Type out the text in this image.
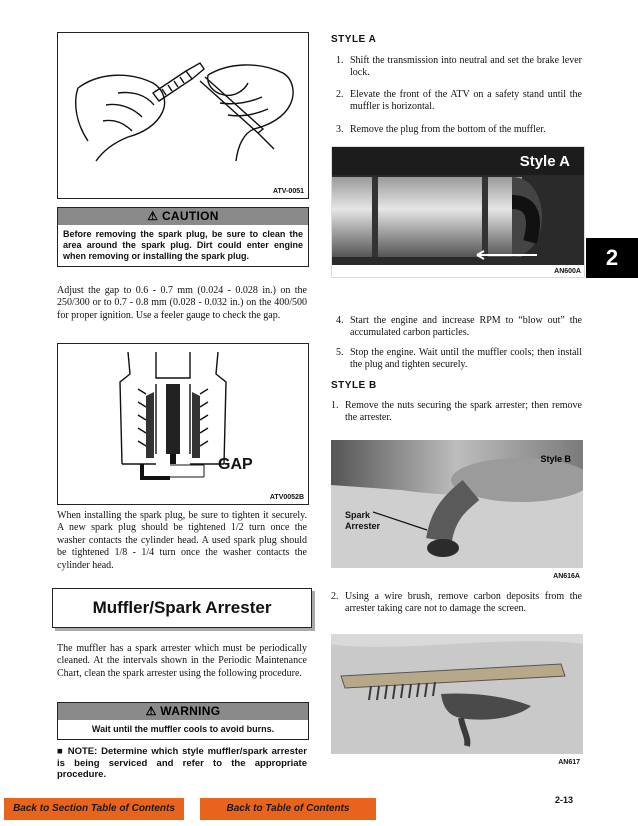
ATV-0051
⚠ CAUTION
Before removing the spark plug, be sure to clean the area around the spark plug. Dirt could enter engine when removing or installing the spark plug.
Adjust the gap to 0.6 - 0.7 mm (0.024 - 0.028 in.) on the 250/300 or to 0.7 - 0.8 mm (0.028 - 0.032 in.) on the 400/500 for proper ignition. Use a feeler gauge to check the gap.
GAP
ATV0052B
When installing the spark plug, be sure to tighten it securely. A new spark plug should be tightened 1/2 turn once the washer contacts the cylinder head. A used spark plug should be tightened 1/8 - 1/4 turn once the washer contacts the cylinder head.
Muffler/Spark Arrester
The muffler has a spark arrester which must be periodically cleaned. At the intervals shown in the Periodic Maintenance Chart, clean the spark arrester using the following procedure.
⚠ WARNING
Wait until the muffler cools to avoid burns.
■ NOTE: Determine which style muffler/spark arrester is being serviced and refer to the appropriate procedure.
STYLE A
1. Shift the transmission into neutral and set the brake lever lock.
2. Elevate the front of the ATV on a safety stand until the muffler is horizontal.
3. Remove the plug from the bottom of the muffler.
Style A
AN600A
4. Start the engine and increase RPM to “blow out” the accumulated carbon particles.
5. Stop the engine. Wait until the muffler cools; then install the plug and tighten securely.
STYLE B
1. Remove the nuts securing the spark arrester; then remove the arrester.
Style B
Spark
Arrester
AN616A
2. Using a wire brush, remove carbon deposits from the arrester taking care not to damage the screen.
AN617
2
2-13
Back to Section Table of Contents	Back to Table of Contents
